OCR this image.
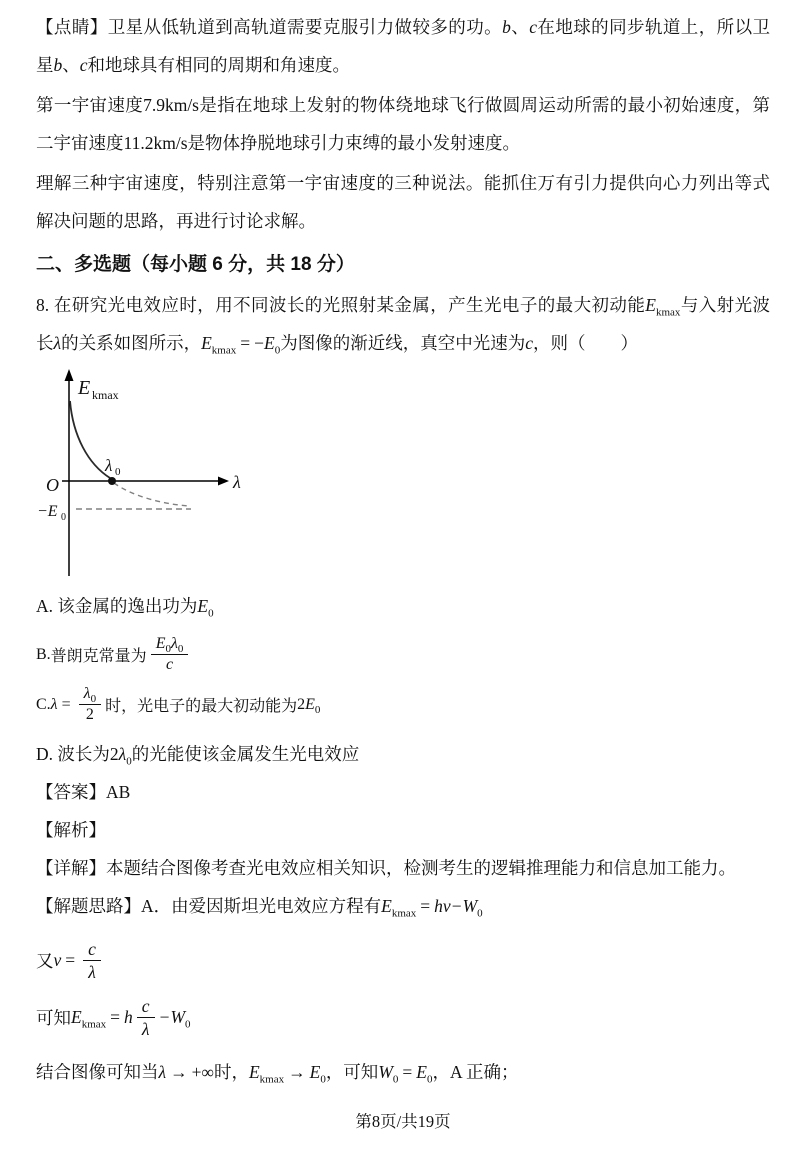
【点睛】卫星从低轨道到高轨道需要克服引力做较多的功。b、c在地球的同步轨道上，所以卫星b、c和地球具有相同的周期和角速度。

第一宇宙速度7.9km/s是指在地球上发射的物体绕地球飞行做圆周运动所需的最小初始速度，第二宇宙速度11.2km/s是物体挣脱地球引力束缚的最小发射速度。

理解三种宇宙速度，特别注意第一宇宙速度的三种说法。能抓住万有引力提供向心力列出等式解决问题的思路，再进行讨论求解。

二、多选题（每小题 6 分，共 18 分）

8. 在研究光电效应时，用不同波长的光照射某金属，产生光电子的最大初动能$E_{kmax}$与入射光波长λ的关系如图所示，$E_{kmax} = -E_0$为图像的渐近线，真空中光速为c，则（　　）

E kmax
O
λ 0	λ
−E 0

A. 该金属的逸出功为$E_0$

B. 普朗克常量为 $\frac{E_0\lambda_0}{c}$
C. $\lambda = \frac{\lambda_0}{2}$ 时，光电子的最大初动能为 $2E_0$

D. 波长为$2\lambda_0$的光能使该金属发生光电效应

【答案】AB

【解析】

【详解】本题结合图像考查光电效应相关知识，检测考生的逻辑推理能力和信息加工能力。

【解题思路】A．由爱因斯坦光电效应方程有$E_{kmax} = h\nu-W_0$

又 $\nu = \frac{c}{\lambda}$
可知 $E_{kmax} = h \frac{c}{\lambda} - W_0$

结合图像可知当λ → +∞时，$E_{kmax} \to E_0$，可知$W_0 = E_0$，A 正确；

第8页/共19页
